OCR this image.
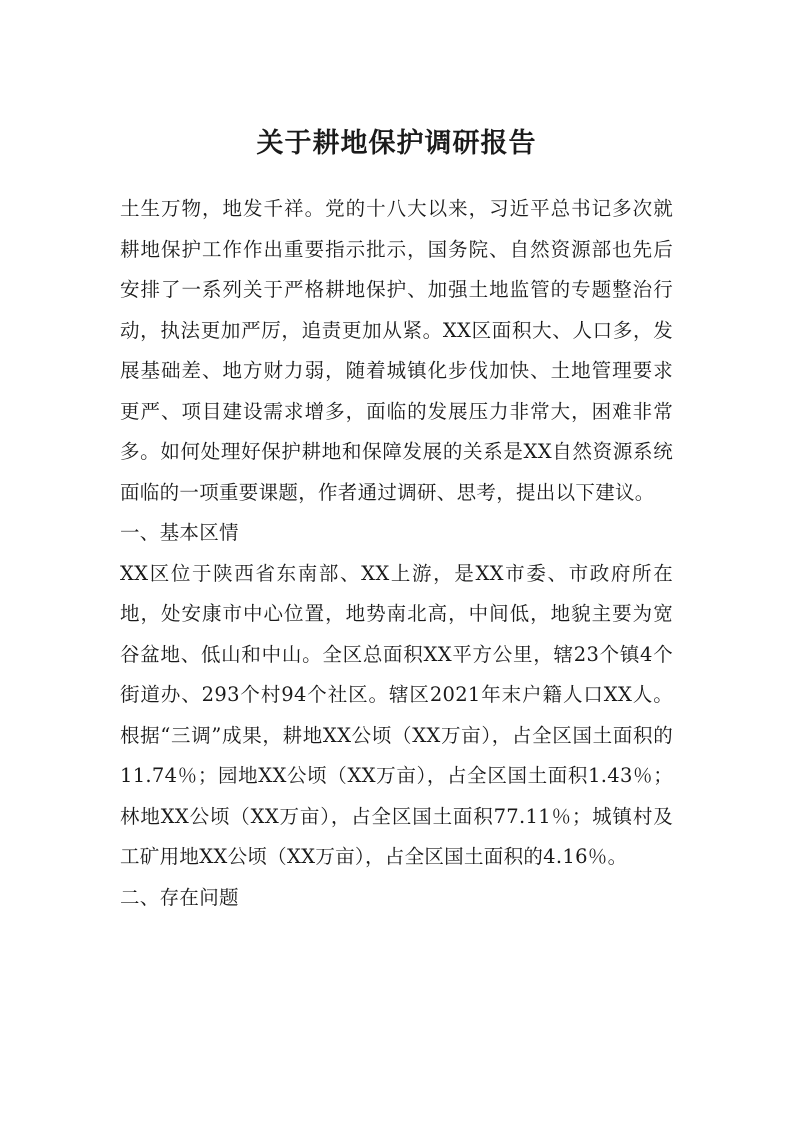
关于耕地保护调研报告

土生万物，地发千祥。党的十八大以来，习近平总书记多次就耕地保护工作作出重要指示批示，国务院、自然资源部也先后安排了一系列关于严格耕地保护、加强土地监管的专题整治行动，执法更加严厉，追责更加从紧。XX区面积大、人口多，发展基础差、地方财力弱，随着城镇化步伐加快、土地管理要求更严、项目建设需求增多，面临的发展压力非常大，困难非常多。如何处理好保护耕地和保障发展的关系是XX自然资源系统面临的一项重要课题，作者通过调研、思考，提出以下建议。

一、基本区情

XX区位于陕西省东南部、XX上游，是XX市委、市政府所在地，处安康市中心位置，地势南北高，中间低，地貌主要为宽谷盆地、低山和中山。全区总面积XX平方公里，辖23个镇4个街道办、293个村94个社区。辖区2021年末户籍人口XX人。根据“三调”成果，耕地XX公顷（XX万亩），占全区国土面积的11.74％；园地XX公顷（XX万亩），占全区国土面积1.43％；林地XX公顷（XX万亩），占全区国土面积77.11％；城镇村及工矿用地XX公顷（XX万亩），占全区国土面积的4.16％。

二、存在问题
